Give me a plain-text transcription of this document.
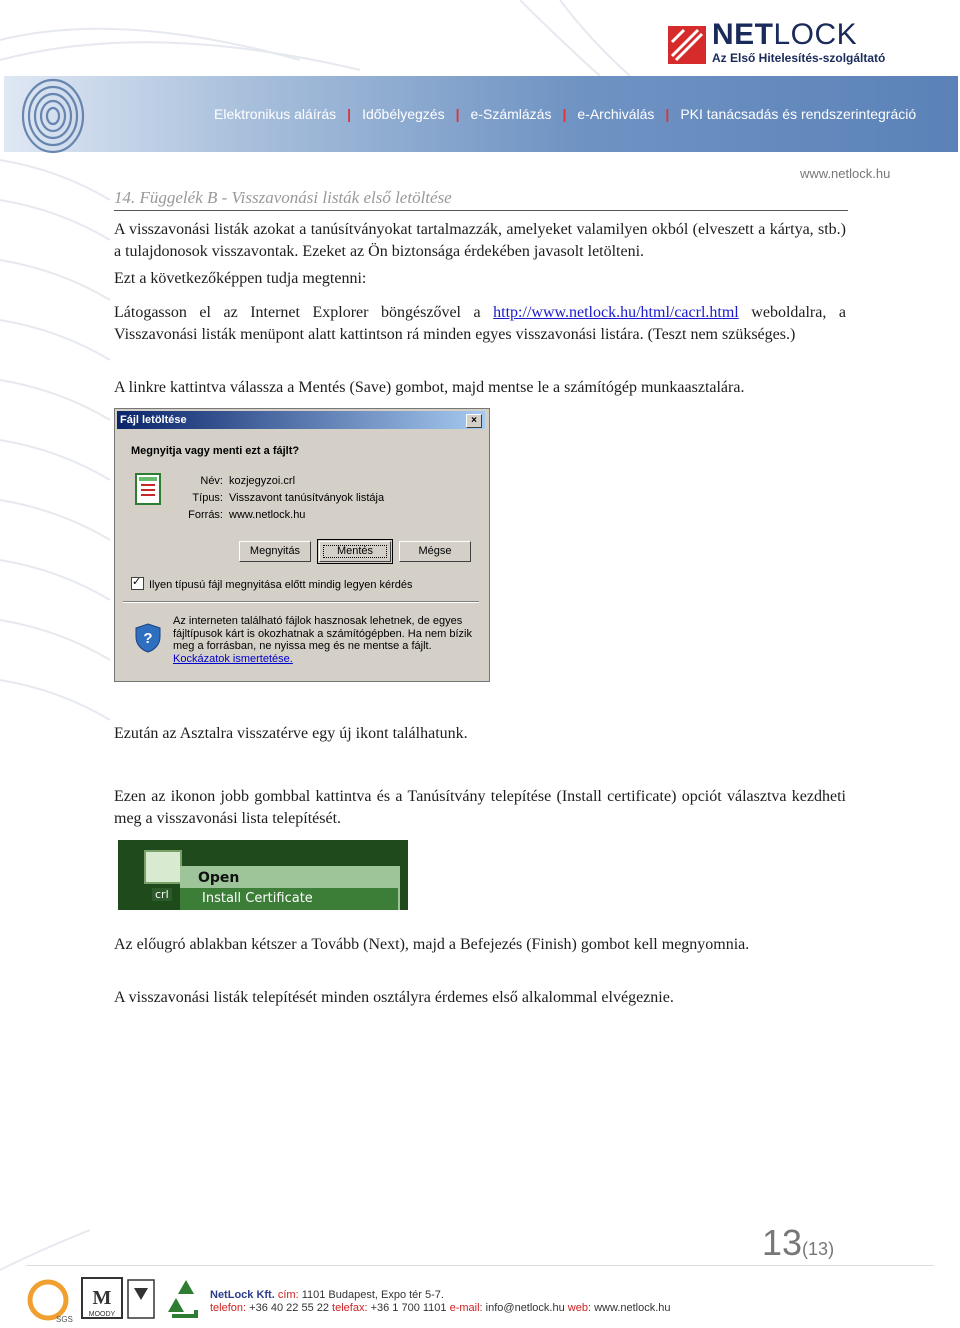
Elektronikus aláírás | Időbélyegzés | e-Számlázás | e-Archiválás | PKI tanácsadás és rendszerintegráció
NETLOCK
Az Első Hitelesítés-szolgáltató
www.netlock.hu
14. Függelék B - Visszavonási listák első letöltése
A visszavonási listák azokat a tanúsítványokat tartalmazzák, amelyeket valamilyen okból (elveszett a kártya, stb.) a tulajdonosok visszavontak. Ezeket az Ön biztonsága érdekében javasolt letölteni.
Ezt a következőképpen tudja megtenni:
Látogasson el az Internet Explorer böngészővel a http://www.netlock.hu/html/cacrl.html weboldalra, a Visszavonási listák menüpont alatt kattintson rá minden egyes visszavonási listára. (Teszt nem szükséges.)
A linkre kattintva válassza a Mentés (Save) gombot, majd mentse le a számítógép munkaasztalára.
Fájl letöltése	×
Megnyitja vagy menti ezt a fájlt?
Név: kozjegyzoi.crl
Típus: Visszavont tanúsítványok listája
Forrás: www.netlock.hu
Megnyitás	Mentés	Mégse
✓Ilyen típusú fájl megnyitása előtt mindig legyen kérdés
?
Az interneten található fájlok hasznosak lehetnek, de egyes fájltípusok kárt is okozhatnak a számítógépben. Ha nem bízik meg a forrásban, ne nyissa meg és ne mentse a fájlt. Kockázatok ismertetése.
Ezután az Asztalra visszatérve egy új ikont találhatunk.
Ezen az ikonon jobb gombbal kattintva és a Tanúsítvány telepítése (Install certificate) opciót választva kezdheti meg a visszavonási lista telepítését.
crl
Open
Install Certificate
Az előugró ablakban kétszer a Tovább (Next), majd a Befejezés (Finish) gombot kell megnyomnia.
A visszavonási listák telepítését minden osztályra érdemes első alkalommal elvégeznie.
13(13)
SGS
M
MOODY
NetLock Kft. cím: 1101 Budapest, Expo tér 5-7.
telefon: +36 40 22 55 22 telefax: +36 1 700 1101 e-mail: info@netlock.hu web: www.netlock.hu
